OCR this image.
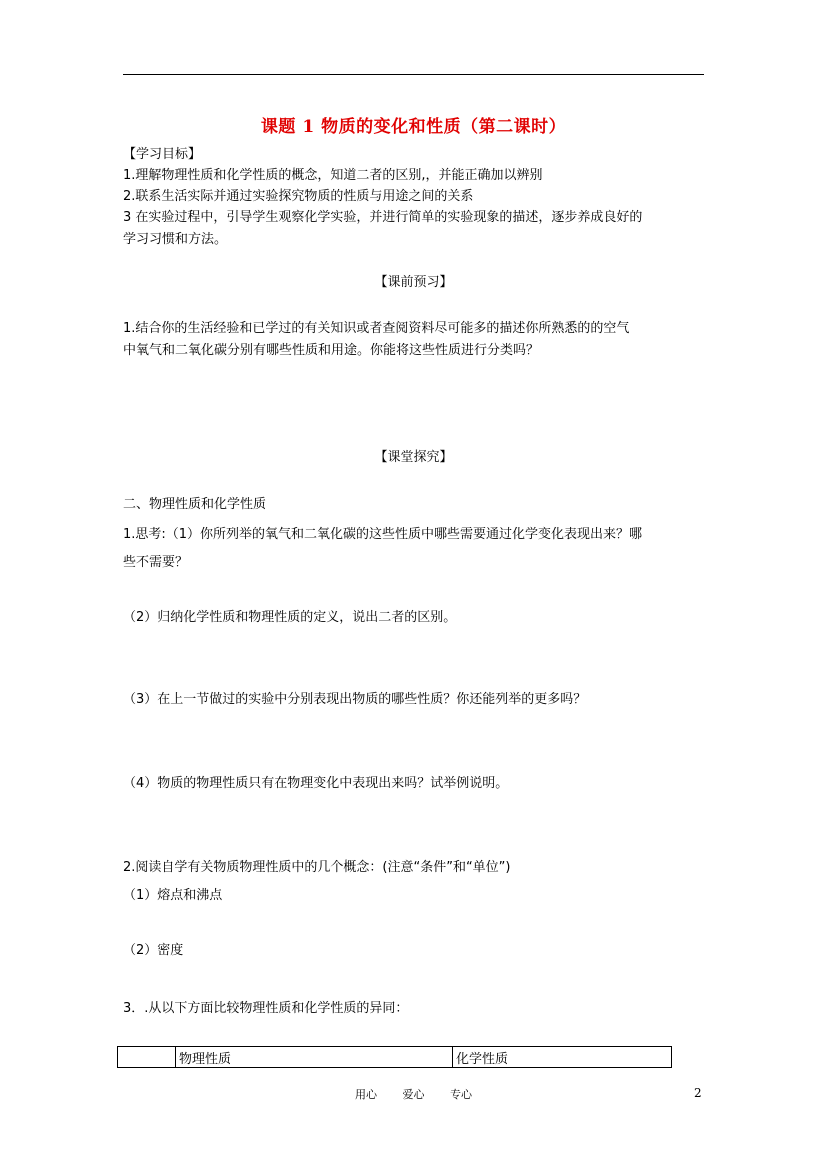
课题 1 物质的变化和性质（第二课时）
【学习目标】
1.理解物理性质和化学性质的概念，知道二者的区别,，并能正确加以辨别
2.联系生活实际并通过实验探究物质的性质与用途之间的关系
3 在实验过程中，引导学生观察化学实验，并进行简单的实验现象的描述，逐步养成良好的
学习习惯和方法。
【课前预习】
1.结合你的生活经验和已学过的有关知识或者查阅资料尽可能多的描述你所熟悉的的空气
中氧气和二氧化碳分别有哪些性质和用途。你能将这些性质进行分类吗？
【课堂探究】
二、物理性质和化学性质
1.思考:（1）你所列举的氧气和二氧化碳的这些性质中哪些需要通过化学变化表现出来？哪
些不需要？
（2）归纳化学性质和物理性质的定义，说出二者的区别。
（3）在上一节做过的实验中分别表现出物质的哪些性质？你还能列举的更多吗？
（4）物质的物理性质只有在物理变化中表现出来吗？试举例说明。
2.阅读自学有关物质物理性质中的几个概念：(注意“条件”和“单位”)
（1）熔点和沸点
（2）密度
3．.从以下方面比较物理性质和化学性质的异同：
	物理性质	化学性质
用心 爱心 专心	2
